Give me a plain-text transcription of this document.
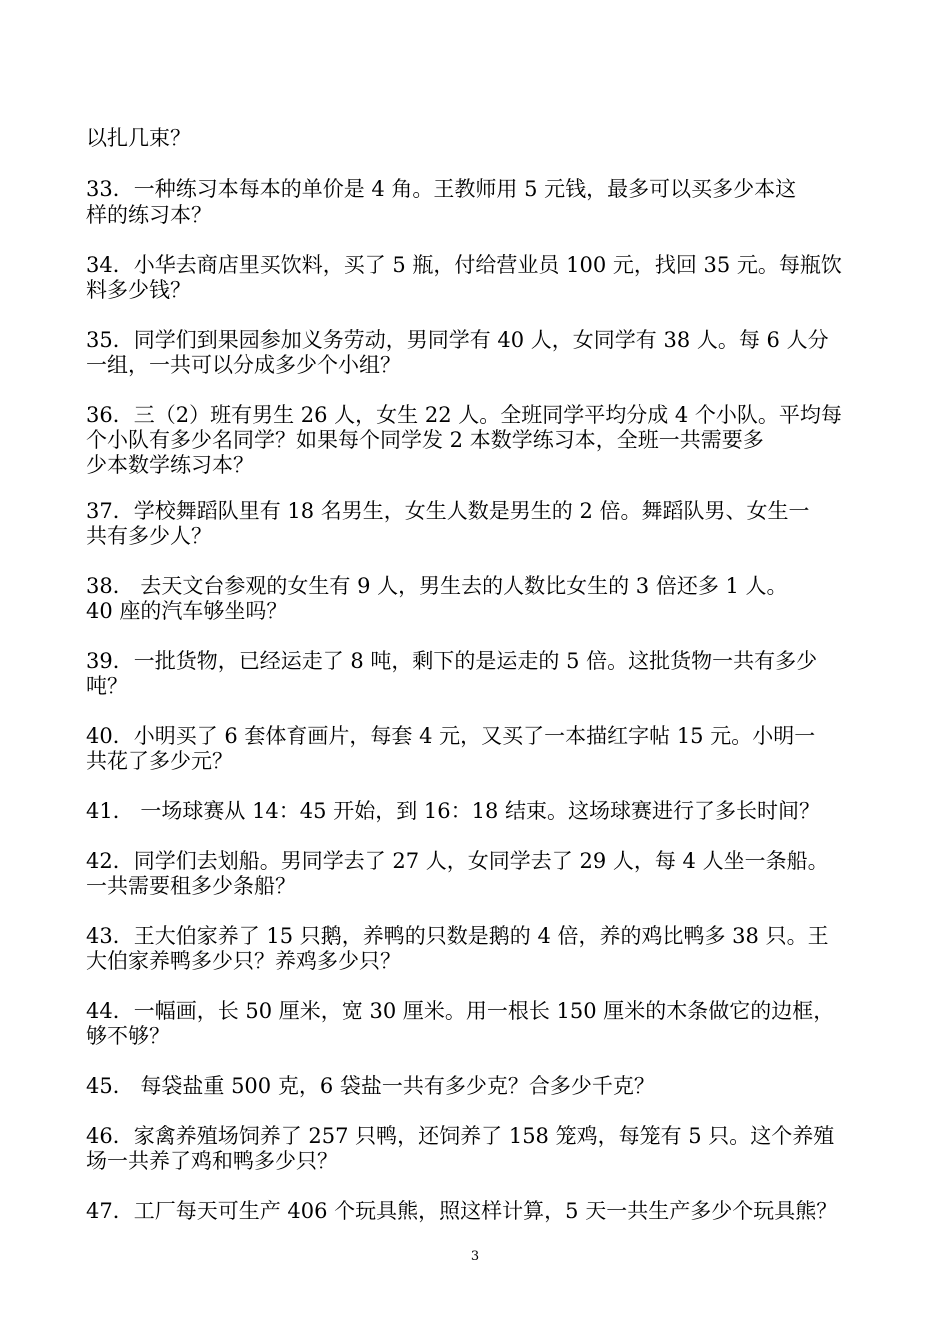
以扎几束？
33．一种练习本每本的单价是 4 角。王教师用 5 元钱，最多可以买多少本这
样的练习本？
34．小华去商店里买饮料，买了 5 瓶，付给营业员 100 元，找回 35 元。每瓶饮
料多少钱？
35．同学们到果园参加义务劳动，男同学有 40 人，女同学有 38 人。每 6 人分
一组，一共可以分成多少个小组？
36．三（2）班有男生 26 人，女生 22 人。全班同学平均分成 4 个小队。平均每
个小队有多少名同学？如果每个同学发 2 本数学练习本，全班一共需要多
少本数学练习本？
37．学校舞蹈队里有 18 名男生，女生人数是男生的 2 倍。舞蹈队男、女生一
共有多少人？
38． 去天文台参观的女生有 9 人，男生去的人数比女生的 3 倍还多 1 人。
40 座的汽车够坐吗？
39．一批货物，已经运走了 8 吨，剩下的是运走的 5 倍。这批货物一共有多少
吨？
40．小明买了 6 套体育画片，每套 4 元，又买了一本描红字帖 15 元。小明一
共花了多少元？
41． 一场球赛从 14：45 开始，到 16：18 结束。这场球赛进行了多长时间？
42．同学们去划船。男同学去了 27 人，女同学去了 29 人，每 4 人坐一条船。
一共需要租多少条船？
43．王大伯家养了 15 只鹅，养鸭的只数是鹅的 4 倍，养的鸡比鸭多 38 只。王
大伯家养鸭多少只？养鸡多少只？
44．一幅画，长 50 厘米，宽 30 厘米。用一根长 150 厘米的木条做它的边框，
够不够？
45． 每袋盐重 500 克，6 袋盐一共有多少克？合多少千克？
46．家禽养殖场饲养了 257 只鸭，还饲养了 158 笼鸡，每笼有 5 只。这个养殖
场一共养了鸡和鸭多少只？
47．工厂每天可生产 406 个玩具熊，照这样计算，5 天一共生产多少个玩具熊？
3
